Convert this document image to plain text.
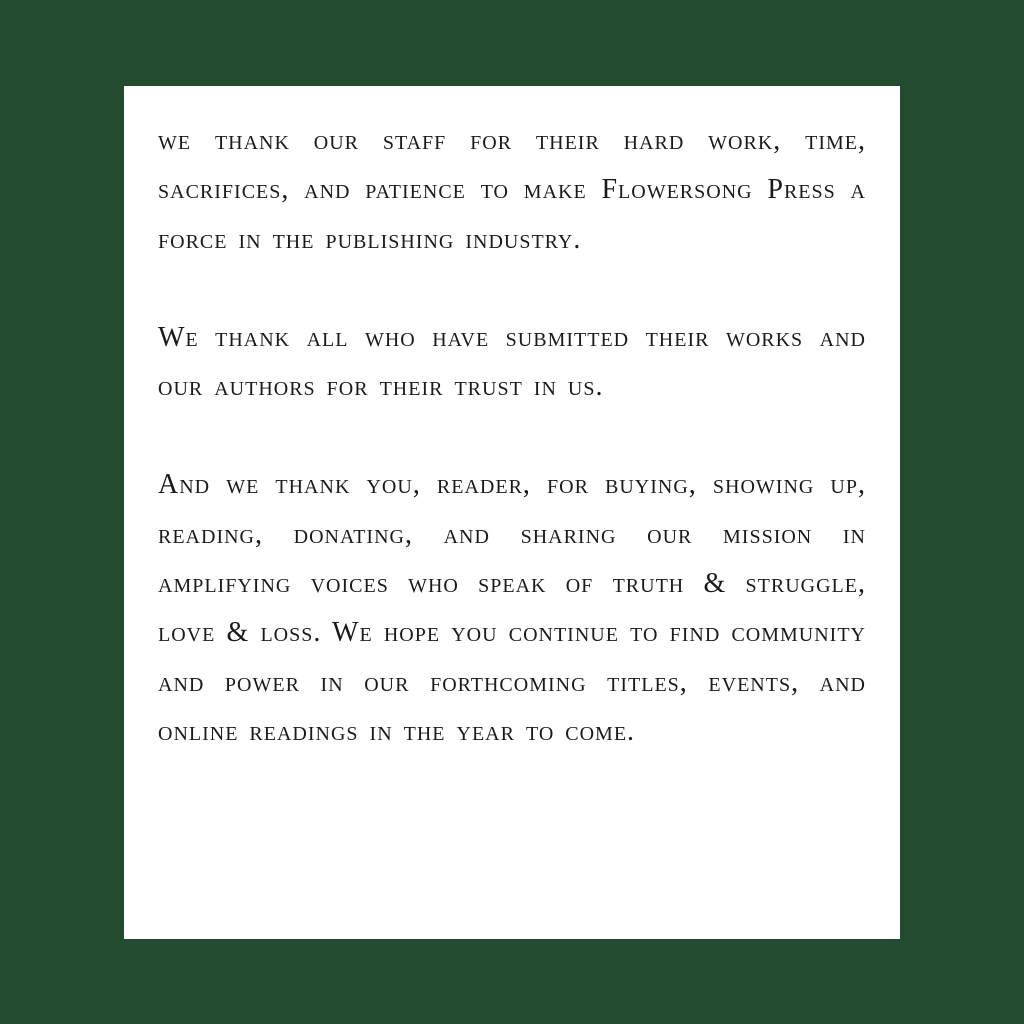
we thank our staff for their hard work, time, sacrifices, and patience to make Flowersong Press a force in the publishing industry.

We thank all who have submitted their works and our authors for their trust in us.

And we thank you, reader, for buying, showing up, reading, donating, and sharing our mission in amplifying voices who speak of truth & struggle, love & loss. We hope you continue to find community and power in our forthcoming titles, events, and online readings in the year to come.
